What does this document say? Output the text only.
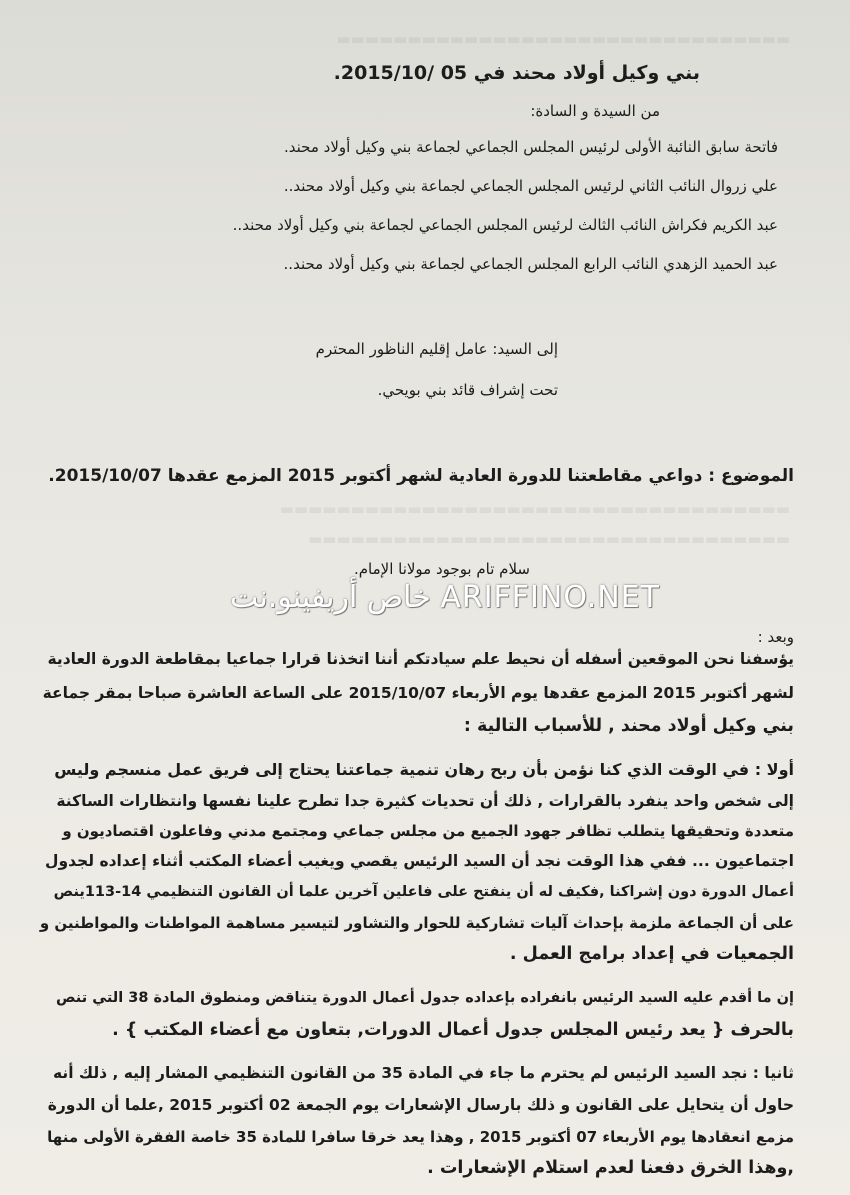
▬▬▬▬▬▬▬▬▬▬▬▬▬▬▬▬▬▬▬▬▬▬▬▬▬▬▬▬▬▬▬▬
▬▬▬▬▬▬▬▬▬▬▬▬▬▬▬▬▬▬▬▬▬▬▬▬▬▬▬▬▬▬▬▬▬▬▬▬
▬▬▬▬▬▬▬▬▬▬▬▬▬▬▬▬▬▬▬▬▬▬▬▬▬▬▬▬▬▬▬▬▬▬
بني وكيل أولاد محند في 05 /2015/10.
من السيدة و السادة:
فاتحة سابق النائبة الأولى لرئيس المجلس الجماعي لجماعة بني وكيل أولاد محند.
علي زروال النائب الثاني لرئيس المجلس الجماعي لجماعة بني وكيل أولاد محند..
عبد الكريم فكراش النائب الثالث لرئيس المجلس الجماعي لجماعة بني وكيل أولاد محند..
عبد الحميد الزهدي النائب الرابع المجلس الجماعي لجماعة بني وكيل أولاد محند..
إلى السيد: عامل إقليم الناظور المحترم
تحت إشراف قائد بني بويحي.
الموضوع : دواعي مقاطعتنا للدورة العادية لشهر أكتوبر 2015 المزمع عقدها 2015/10/07.
سلام تام بوجود مولانا الإمام.
خاص أريفينو.نت ARIFFINO.NET
وبعد :
يؤسفنا نحن الموقعين أسفله أن نحيط علم سيادتكم أننا اتخذنا قرارا جماعيا بمقاطعة الدورة العادية
لشهر أكتوبر 2015 المزمع عقدها يوم الأربعاء 2015/10/07 على الساعة العاشرة صباحا بمقر جماعة
بني وكيل أولاد محند , للأسباب التالية :
أولا : في الوقت الذي كنا نؤمن بأن ربح رهان تنمية جماعتنا يحتاج إلى فريق عمل منسجم وليس
إلى شخص واحد ينفرد بالقرارات , ذلك أن تحديات كثيرة جدا تطرح علينا نفسها وانتظارات الساكنة
متعددة وتحقيقها يتطلب تظافر جهود الجميع من مجلس جماعي ومجتمع مدني وفاعلون اقتصاديون و
اجتماعيون ... ففي هذا الوقت نجد أن السيد الرئيس يقصي ويغيب أعضاء المكتب أثناء إعداده لجدول
أعمال الدورة دون إشراكنا ,فكيف له أن ينفتح على فاعلين آخرين علما أن القانون التنظيمي 14-113ينص
على أن الجماعة ملزمة بإحداث آليات تشاركية للحوار والتشاور لتيسير مساهمة المواطنات والمواطنين و
الجمعيات في إعداد برامج العمل .
إن ما أقدم عليه السيد الرئيس بانفراده بإعداده جدول أعمال الدورة يتناقض ومنطوق المادة 38 التي تنص
بالحرف { يعد رئيس المجلس جدول أعمال الدورات, بتعاون مع أعضاء المكتب } .
ثانيا : نجد السيد الرئيس لم يحترم ما جاء في المادة 35 من القانون التنظيمي المشار إليه , ذلك أنه
حاول أن يتحايل على القانون و ذلك بارسال الإشعارات يوم الجمعة 02 أكتوبر 2015 ,علما أن الدورة
مزمع انعقادها يوم الأربعاء 07 أكتوبر 2015 , وهذا يعد خرقا سافرا للمادة 35 خاصة الفقرة الأولى منها
,وهذا الخرق دفعنا لعدم استلام الإشعارات .
